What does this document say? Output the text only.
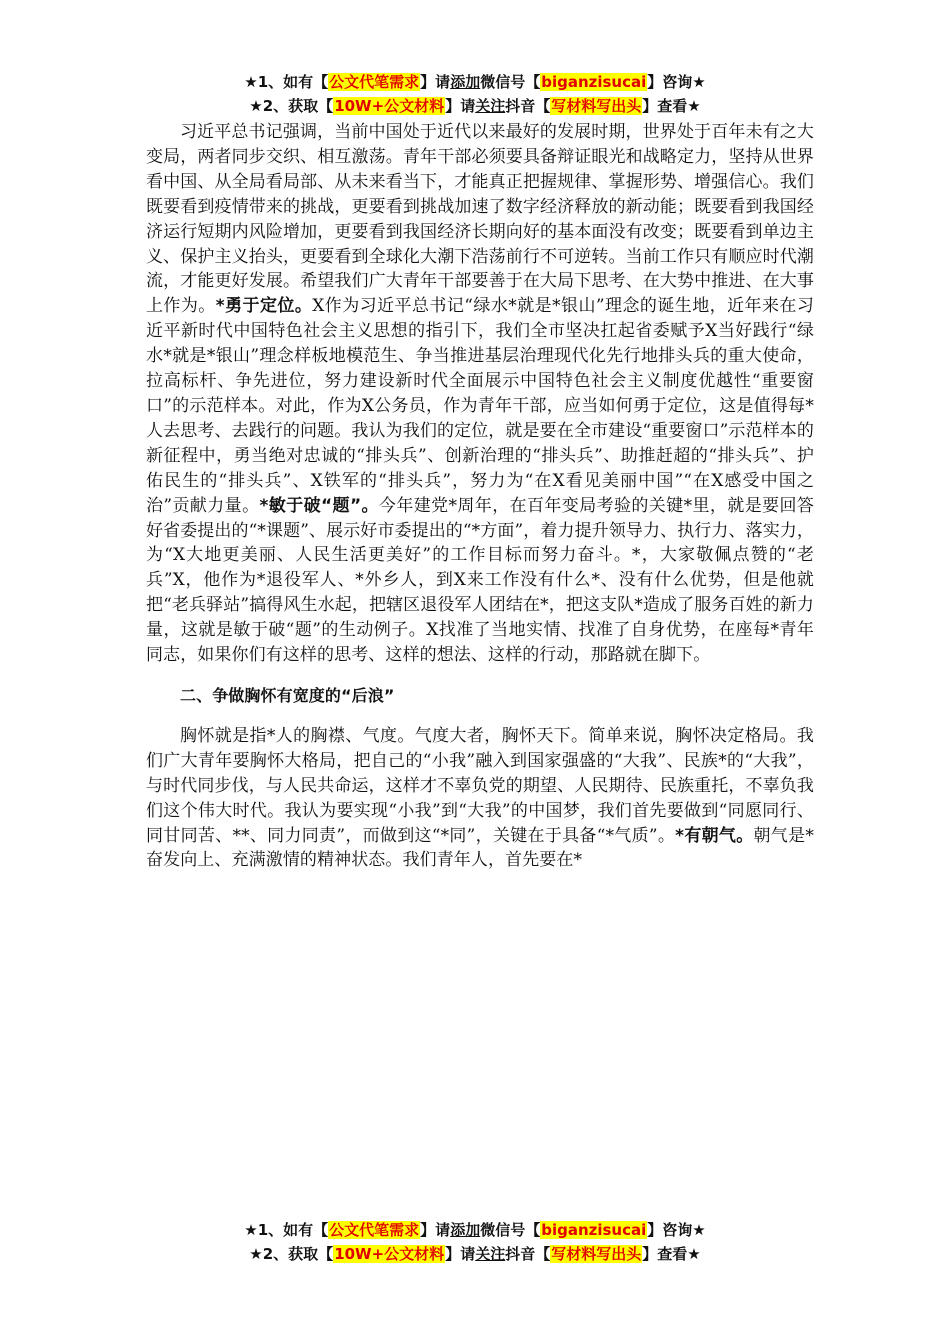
★1、如有【公文代笔需求】请添加微信号【biganzisucai】咨询★
★2、获取【10W+公文材料】请关注抖音【写材料写出头】查看★

习近平总书记强调，当前中国处于近代以来最好的发展时期，世界处于百年未有之大变局，两者同步交织、相互激荡。青年干部必须要具备辩证眼光和战略定力，坚持从世界看中国、从全局看局部、从未来看当下，才能真正把握规律、掌握形势、增强信心。我们既要看到疫情带来的挑战，更要看到挑战加速了数字经济释放的新动能；既要看到我国经济运行短期内风险增加，更要看到我国经济长期向好的基本面没有改变；既要看到单边主义、保护主义抬头，更要看到全球化大潮下浩荡前行不可逆转。当前工作只有顺应时代潮流，才能更好发展。希望我们广大青年干部要善于在大局下思考、在大势中推进、在大事上作为。*勇于定位。X作为习近平总书记“绿水*就是*银山”理念的诞生地，近年来在习近平新时代中国特色社会主义思想的指引下，我们全市坚决扛起省委赋予X当好践行“绿水*就是*银山”理念样板地模范生、争当推进基层治理现代化先行地排头兵的重大使命，拉高标杆、争先进位，努力建设新时代全面展示中国特色社会主义制度优越性“重要窗口”的示范样本。对此，作为X公务员，作为青年干部，应当如何勇于定位，这是值得每*人去思考、去践行的问题。我认为我们的定位，就是要在全市建设“重要窗口”示范样本的新征程中，勇当绝对忠诚的“排头兵”、创新治理的“排头兵”、助推赶超的“排头兵”、护佑民生的“排头兵”、X铁军的“排头兵”，努力为“在X看见美丽中国”“在X感受中国之治”贡献力量。*敏于破“题”。今年建党*周年，在百年变局考验的关键*里，就是要回答好省委提出的“*课题”、展示好市委提出的“*方面”，着力提升领导力、执行力、落实力，为“X大地更美丽、人民生活更美好”的工作目标而努力奋斗。*，大家敬佩点赞的“老兵”X，他作为*退役军人、*外乡人，到X来工作没有什么*、没有什么优势，但是他就把“老兵驿站”搞得风生水起，把辖区退役军人团结在*，把这支队*造成了服务百姓的新力量，这就是敏于破“题”的生动例子。X找准了当地实情、找准了自身优势，在座每*青年同志，如果你们有这样的思考、这样的想法、这样的行动，那路就在脚下。

二、争做胸怀有宽度的“后浪”

胸怀就是指*人的胸襟、气度。气度大者，胸怀天下。简单来说，胸怀决定格局。我们广大青年要胸怀大格局，把自己的“小我”融入到国家强盛的“大我”、民族*的“大我”，与时代同步伐，与人民共命运，这样才不辜负党的期望、人民期待、民族重托，不辜负我们这个伟大时代。我认为要实现“小我”到“大我”的中国梦，我们首先要做到“同愿同行、同甘同苦、**、同力同责”，而做到这“*同”，关键在于具备“*气质”。*有朝气。朝气是*奋发向上、充满激情的精神状态。我们青年人，首先要在*

★1、如有【公文代笔需求】请添加微信号【biganzisucai】咨询★
★2、获取【10W+公文材料】请关注抖音【写材料写出头】查看★
